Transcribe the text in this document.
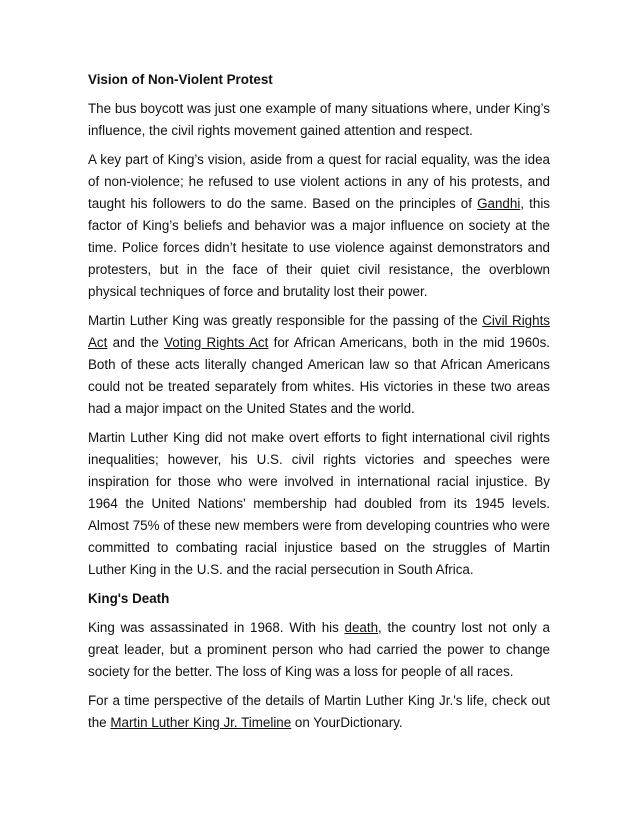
Vision of Non-Violent Protest

The bus boycott was just one example of many situations where, under King’s influence, the civil rights movement gained attention and respect.

A key part of King’s vision, aside from a quest for racial equality, was the idea of non-violence; he refused to use violent actions in any of his protests, and taught his followers to do the same. Based on the principles of Gandhi, this factor of King’s beliefs and behavior was a major influence on society at the time. Police forces didn’t hesitate to use violence against demonstrators and protesters, but in the face of their quiet civil resistance, the overblown physical techniques of force and brutality lost their power.

Martin Luther King was greatly responsible for the passing of the Civil Rights Act and the Voting Rights Act for African Americans, both in the mid 1960s. Both of these acts literally changed American law so that African Americans could not be treated separately from whites. His victories in these two areas had a major impact on the United States and the world.

Martin Luther King did not make overt efforts to fight international civil rights inequalities; however, his U.S. civil rights victories and speeches were inspiration for those who were involved in international racial injustice. By 1964 the United Nations' membership had doubled from its 1945 levels. Almost 75% of these new members were from developing countries who were committed to combating racial injustice based on the struggles of Martin Luther King in the U.S. and the racial persecution in South Africa.

King's Death

King was assassinated in 1968. With his death, the country lost not only a great leader, but a prominent person who had carried the power to change society for the better. The loss of King was a loss for people of all races.

For a time perspective of the details of Martin Luther King Jr.'s life, check out the Martin Luther King Jr. Timeline on YourDictionary.
